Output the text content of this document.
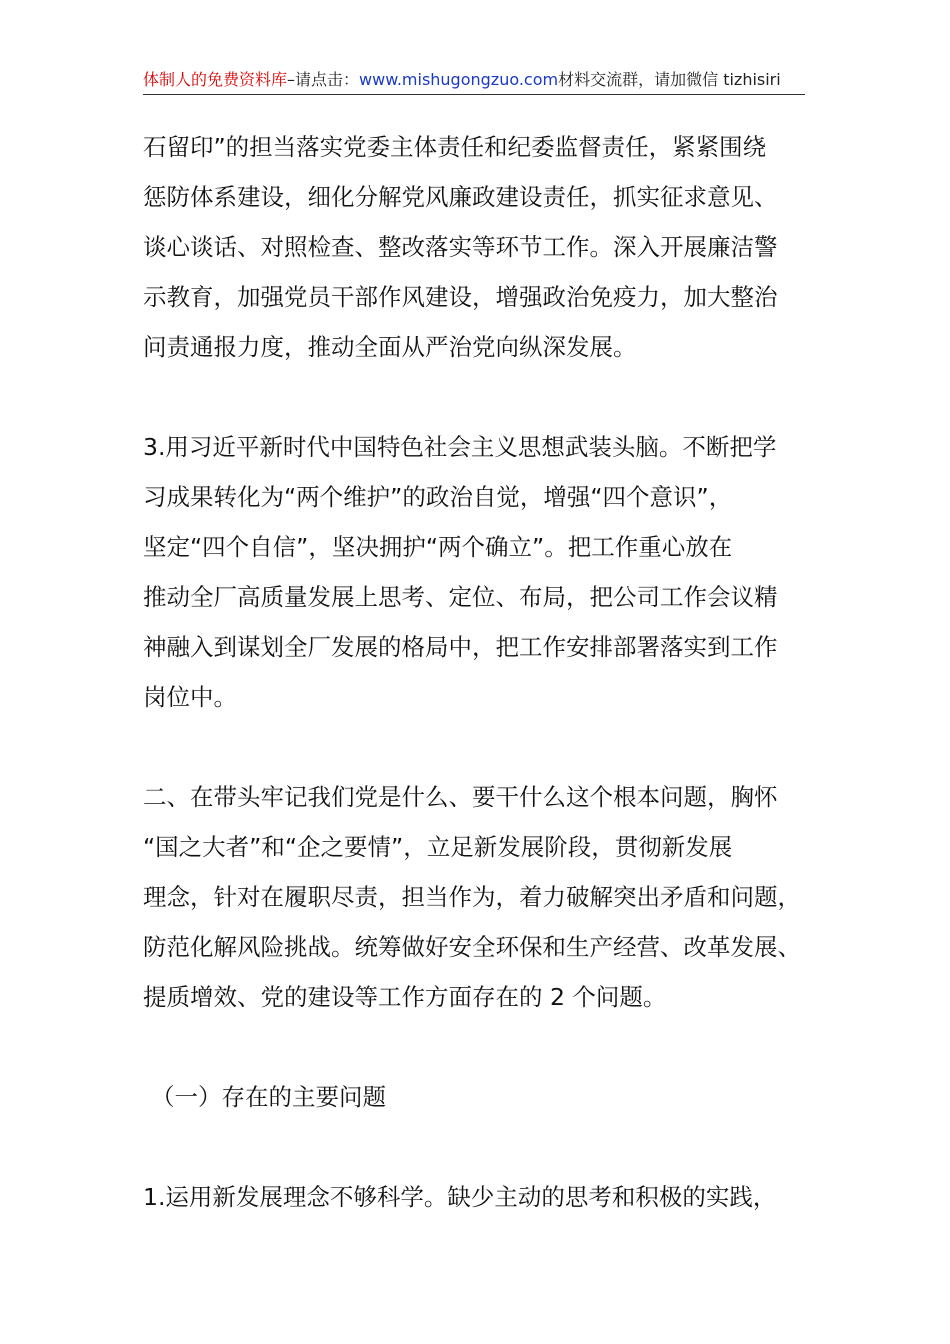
体制人的免费资料库–请点击：www.mishugongzuo.com材料交流群，请加微信 tizhisiri
石留印”的担当落实党委主体责任和纪委监督责任，紧紧围绕
惩防体系建设，细化分解党风廉政建设责任，抓实征求意见、
谈心谈话、对照检查、整改落实等环节工作。深入开展廉洁警
示教育，加强党员干部作风建设，增强政治免疫力，加大整治
问责通报力度，推动全面从严治党向纵深发展。
3.用习近平新时代中国特色社会主义思想武装头脑。不断把学
习成果转化为“两个维护”的政治自觉，增强“四个意识”，
坚定“四个自信”，坚决拥护“两个确立”。把工作重心放在
推动全厂高质量发展上思考、定位、布局，把公司工作会议精
神融入到谋划全厂发展的格局中，把工作安排部署落实到工作
岗位中。
二、在带头牢记我们党是什么、要干什么这个根本问题，胸怀
“国之大者”和“企之要情”，立足新发展阶段，贯彻新发展
理念，针对在履职尽责，担当作为，着力破解突出矛盾和问题，
防范化解风险挑战。统筹做好安全环保和生产经营、改革发展、
提质增效、党的建设等工作方面存在的 2 个问题。
（一）存在的主要问题
1.运用新发展理念不够科学。缺少主动的思考和积极的实践，
